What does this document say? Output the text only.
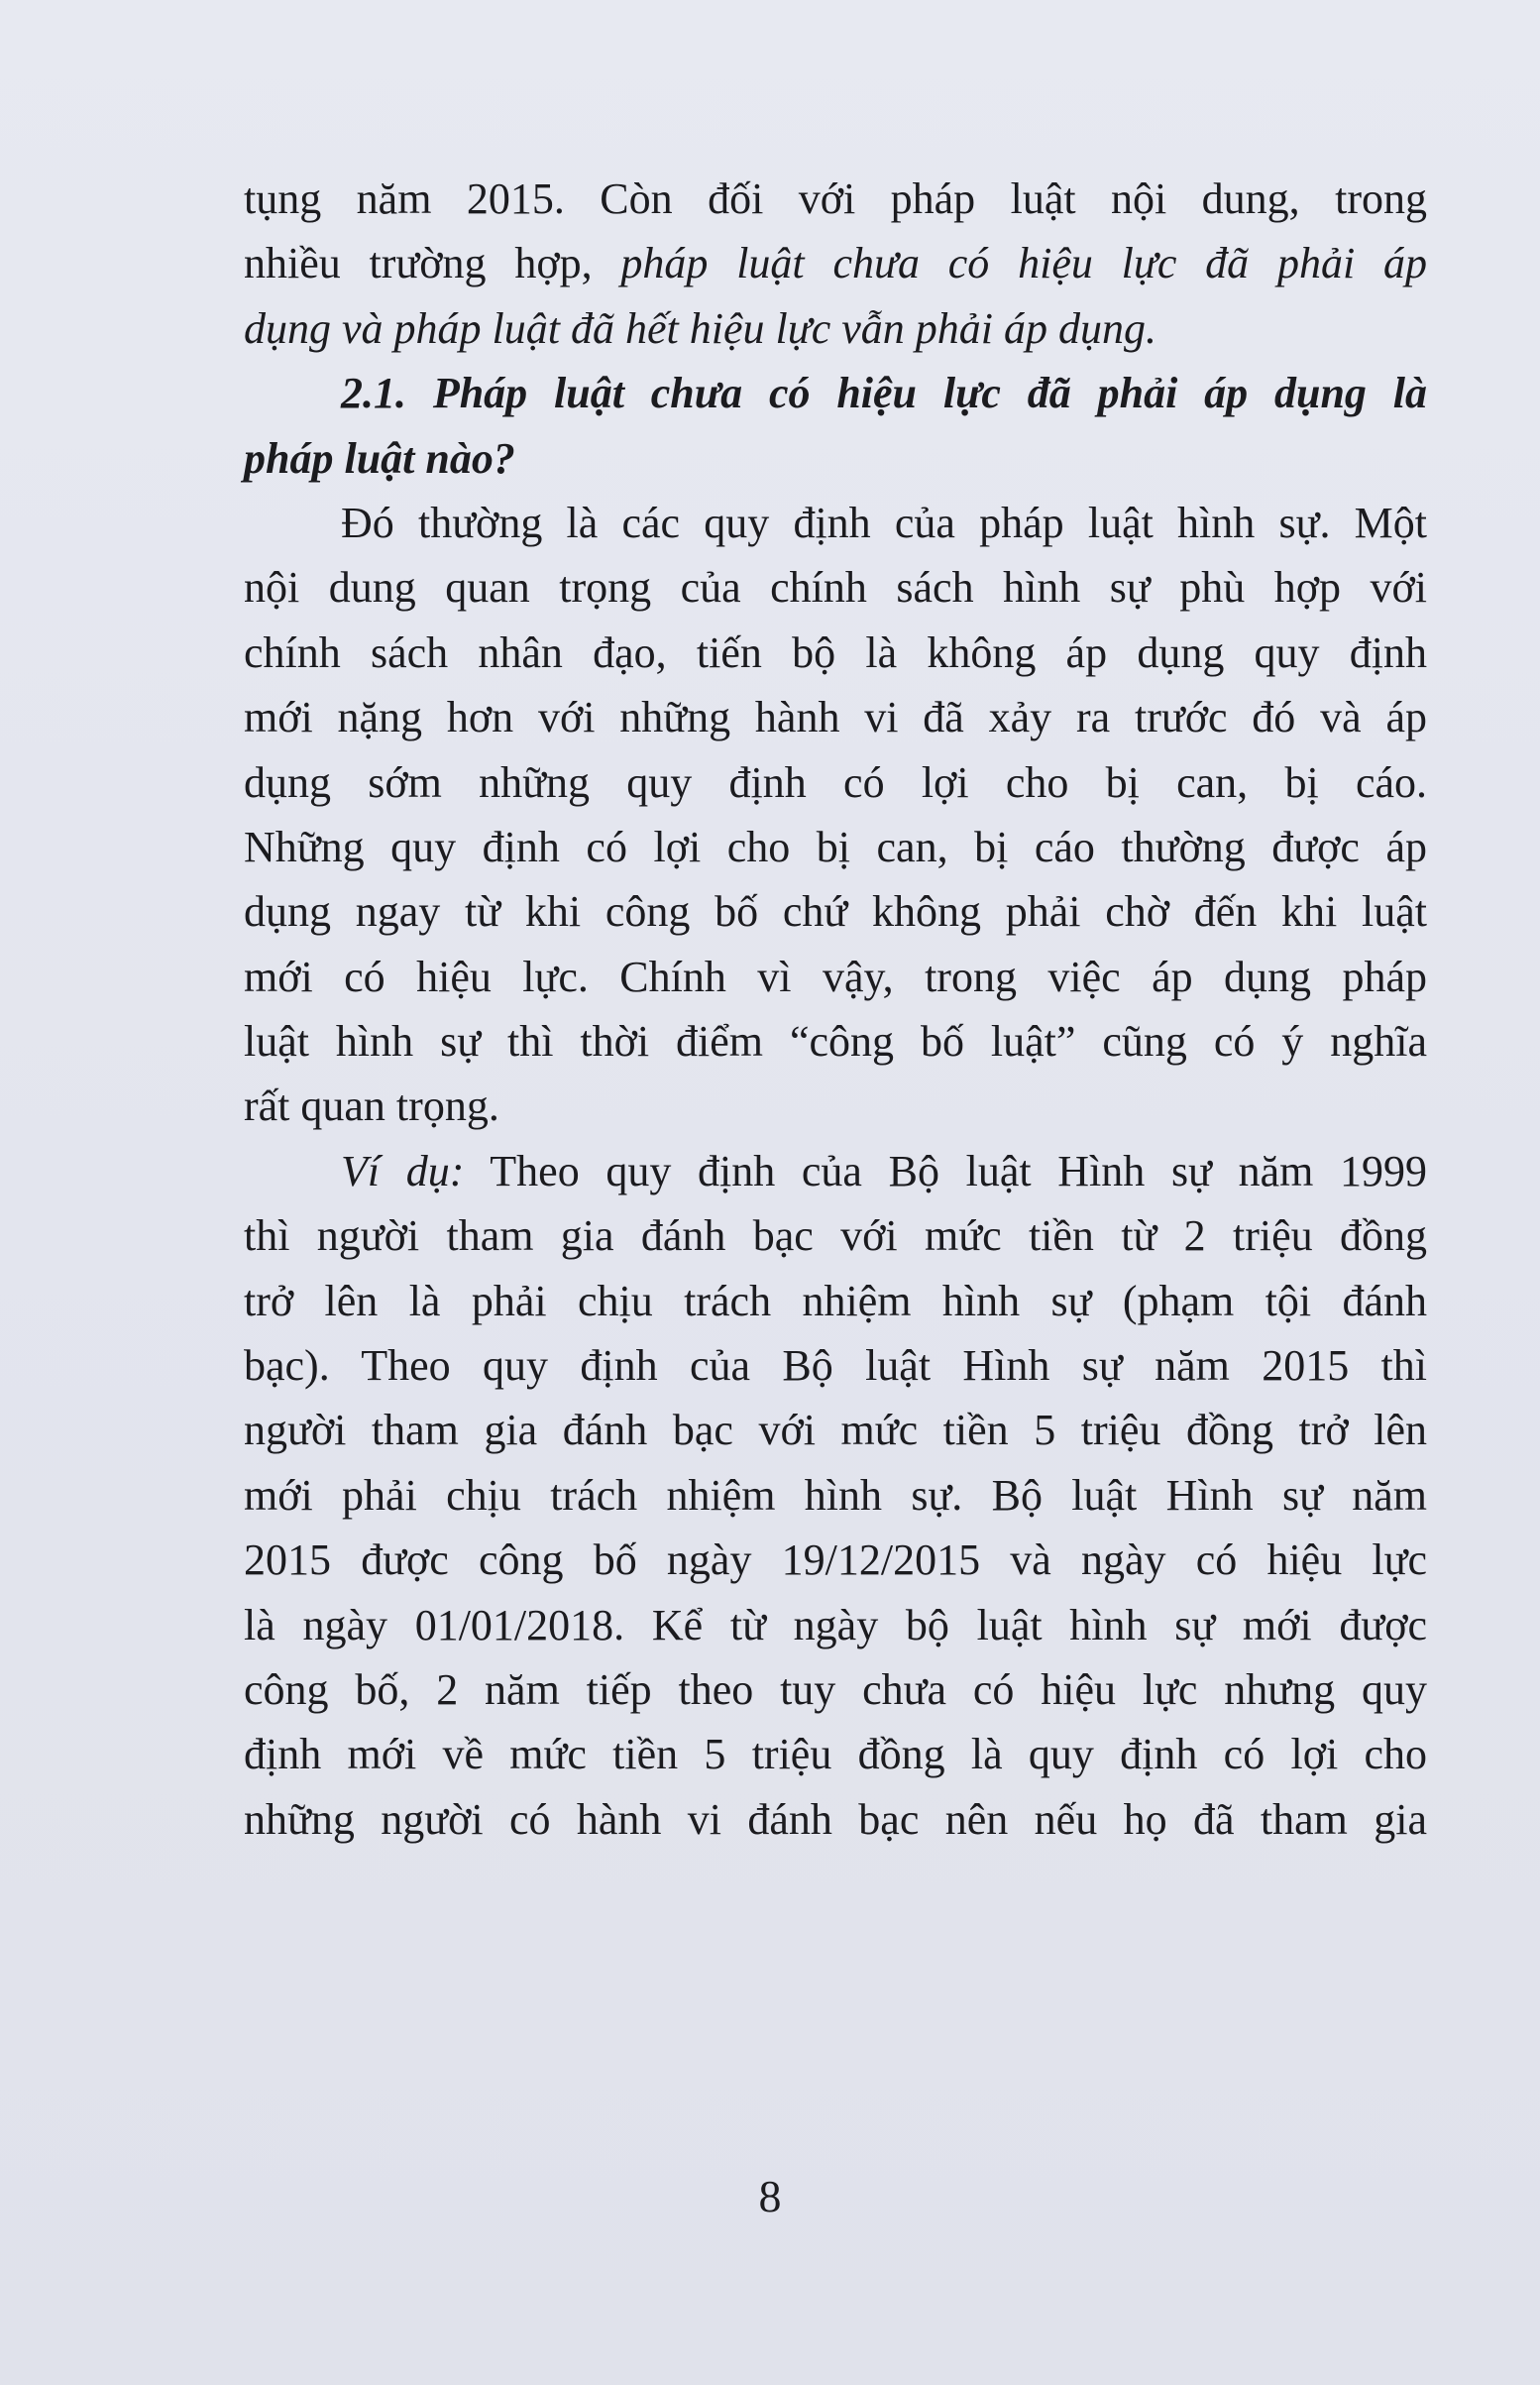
tụng năm 2015. Còn đối với pháp luật nội dung, trong
nhiều trường hợp, pháp luật chưa có hiệu lực đã phải áp
dụng và pháp luật đã hết hiệu lực vẫn phải áp dụng.
2.1. Pháp luật chưa có hiệu lực đã phải áp dụng là
pháp luật nào?
Đó thường là các quy định của pháp luật hình sự. Một
nội dung quan trọng của chính sách hình sự phù hợp với
chính sách nhân đạo, tiến bộ là không áp dụng quy định
mới nặng hơn với những hành vi đã xảy ra trước đó và áp
dụng sớm những quy định có lợi cho bị can, bị cáo.
Những quy định có lợi cho bị can, bị cáo thường được áp
dụng ngay từ khi công bố chứ không phải chờ đến khi luật
mới có hiệu lực. Chính vì vậy, trong việc áp dụng pháp
luật hình sự thì thời điểm “công bố luật” cũng có ý nghĩa
rất quan trọng.
Ví dụ: Theo quy định của Bộ luật Hình sự năm 1999
thì người tham gia đánh bạc với mức tiền từ 2 triệu đồng
trở lên là phải chịu trách nhiệm hình sự (phạm tội đánh
bạc). Theo quy định của Bộ luật Hình sự năm 2015 thì
người tham gia đánh bạc với mức tiền 5 triệu đồng trở lên
mới phải chịu trách nhiệm hình sự. Bộ luật Hình sự năm
2015 được công bố ngày 19/12/2015 và ngày có hiệu lực
là ngày 01/01/2018. Kể từ ngày bộ luật hình sự mới được
công bố, 2 năm tiếp theo tuy chưa có hiệu lực nhưng quy
định mới về mức tiền 5 triệu đồng là quy định có lợi cho
những người có hành vi đánh bạc nên nếu họ đã tham gia
8
